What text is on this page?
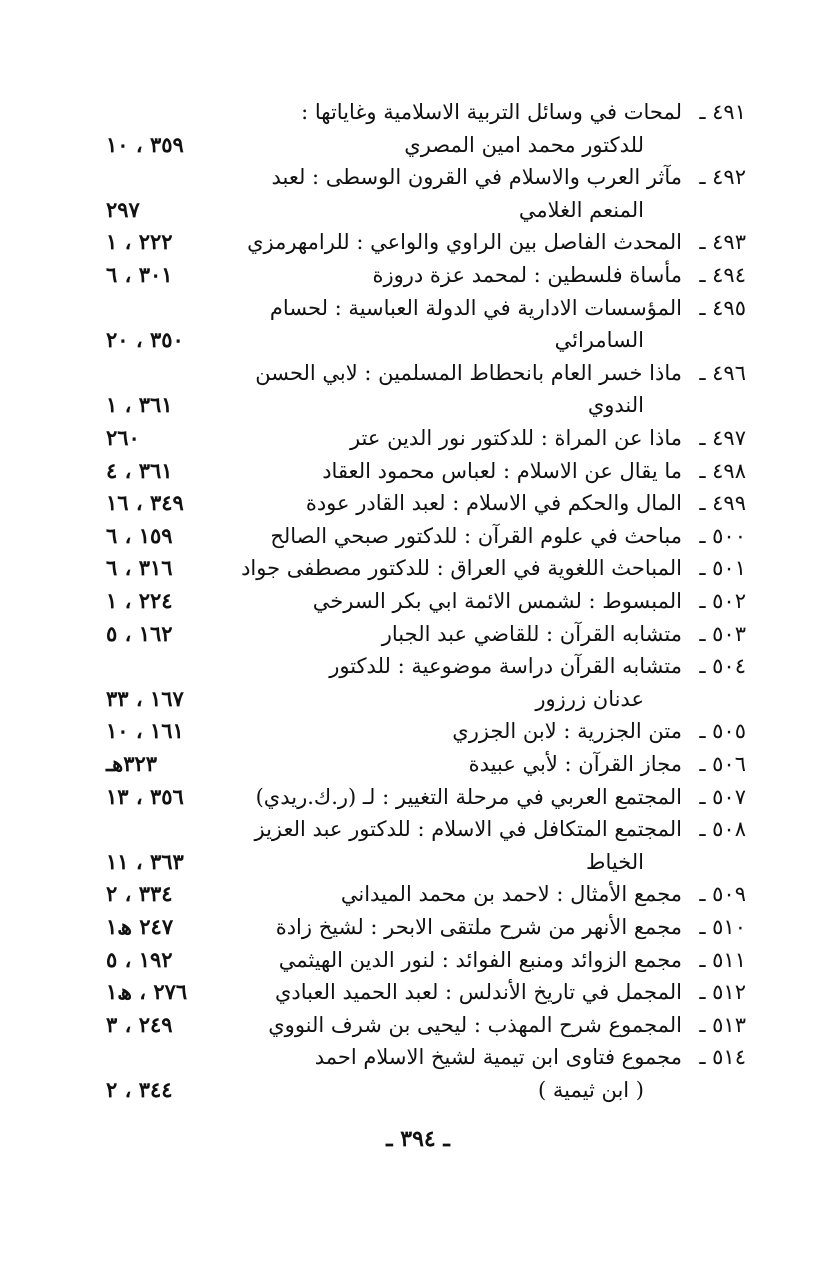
٤٩١ ـ
لمحات في وسائل التربية الاسلامية وغاياتها :
للدكتور محمد امين المصري
٣٥٩ ، ١٠
٤٩٢ ـ
مآثر العرب والاسلام في القرون الوسطى : لعبد
المنعم الغلامي
٢٩٧
٤٩٣ ـ
المحدث الفاصل بين الراوي والواعي : للرامهرمزي
٢٢٢ ، ١
٤٩٤ ـ
مأساة فلسطين : لمحمد عزة دروزة
٣٠١ ، ٦
٤٩٥ ـ
المؤسسات الادارية في الدولة العباسية : لحسام
السامرائي
٣٥٠ ، ٢٠
٤٩٦ ـ
ماذا خسر العام بانحطاط المسلمين : لابي الحسن
الندوي
٣٦١ ، ١
٤٩٧ ـ
ماذا عن المراة : للدكتور نور الدين عتر
٢٦٠
٤٩٨ ـ
ما يقال عن الاسلام : لعباس محمود العقاد
٣٦١ ، ٤
٤٩٩ ـ
المال والحكم في الاسلام : لعبد القادر عودة
٣٤٩ ، ١٦
٥٠٠ ـ
مباحث في علوم القرآن : للدكتور صبحي الصالح
١٥٩ ، ٦
٥٠١ ـ
المباحث اللغوية في العراق : للدكتور مصطفى جواد
٣١٦ ، ٦
٥٠٢ ـ
المبسوط : لشمس الائمة ابي بكر السرخي
٢٢٤ ، ١
٥٠٣ ـ
متشابه القرآن : للقاضي عبد الجبار
١٦٢ ، ٥
٥٠٤ ـ
متشابه القرآن دراسة موضوعية : للدكتور
عدنان زرزور
١٦٧ ، ٣٣
٥٠٥ ـ
متن الجزرية : لابن الجزري
١٦١ ، ١٠
٥٠٦ ـ
مجاز القرآن : لأبي عبيدة
٣٢٣هـ
٥٠٧ ـ
المجتمع العربي في مرحلة التغيير : لـ (ر.ك.ريدي)
٣٥٦ ، ١٣
٥٠٨ ـ
المجتمع المتكافل في الاسلام : للدكتور عبد العزيز
الخياط
٣٦٣ ، ١١
٥٠٩ ـ
مجمع الأمثال : لاحمد بن محمد الميداني
٣٣٤ ، ٢
٥١٠ ـ
مجمع الأنهر من شرح ملتقى الابحر : لشيخ زادة
٢٤٧ ھ١
٥١١ ـ
مجمع الزوائد ومنبع الفوائد : لنور الدين الهيثمي
١٩٢ ، ٥
٥١٢ ـ
المجمل في تاريخ الأندلس : لعبد الحميد العبادي
٢٧٦ ، ھ١
٥١٣ ـ
المجموع شرح المهذب : ليحيى بن شرف النووي
٢٤٩ ، ٣
٥١٤ ـ
مجموع فتاوى ابن تيمية لشيخ الاسلام احمد
( ابن ثيمية )
٣٤٤ ، ٢
ـ ٣٩٤ ـ
